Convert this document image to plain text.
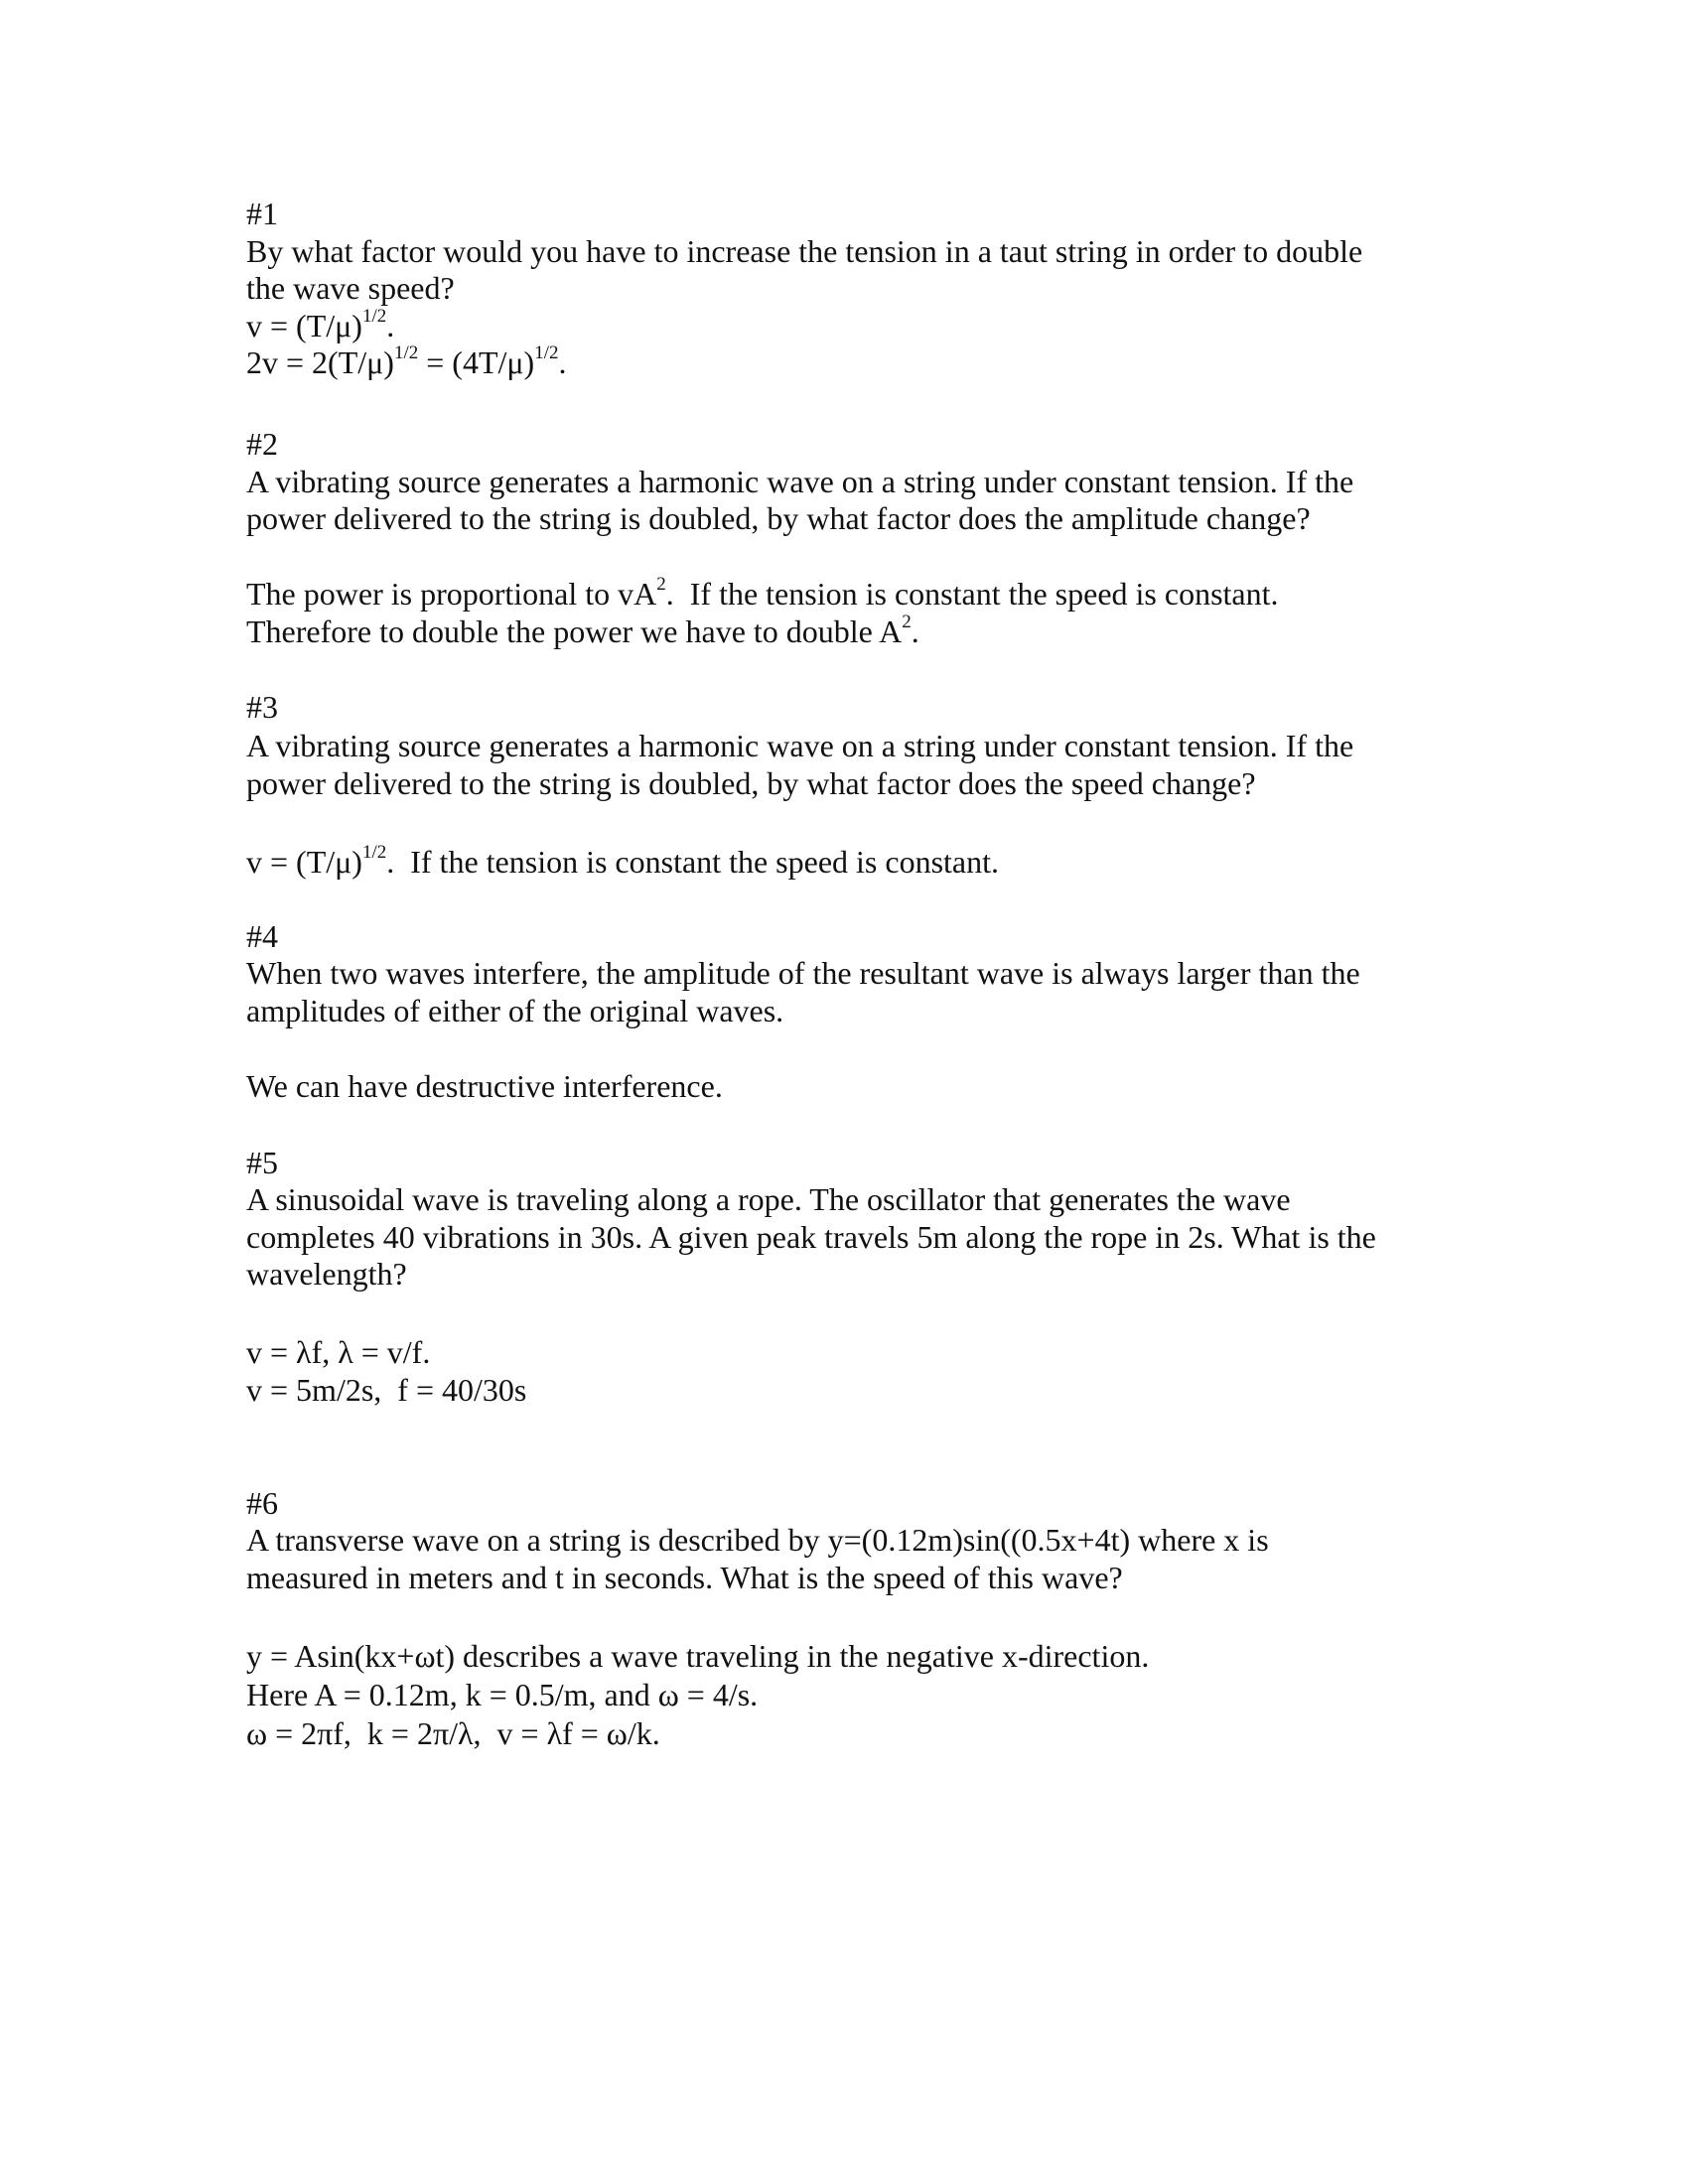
#1
By what factor would you have to increase the tension in a taut string in order to double
the wave speed?
$v = (T/\mu)^{1/2}$.
$2v = 2(T/\mu)^{1/2} = (4T/\mu)^{1/2}$.
#2
A vibrating source generates a harmonic wave on a string under constant tension. If the
power delivered to the string is doubled, by what factor does the amplitude change?
The power is proportional to $vA^2$.  If the tension is constant the speed is constant.
Therefore to double the power we have to double $A^2$.
#3
A vibrating source generates a harmonic wave on a string under constant tension. If the
power delivered to the string is doubled, by what factor does the speed change?
$v = (T/\mu)^{1/2}$.  If the tension is constant the speed is constant.
#4
When two waves interfere, the amplitude of the resultant wave is always larger than the
amplitudes of either of the original waves.
We can have destructive interference.
#5
A sinusoidal wave is traveling along a rope. The oscillator that generates the wave
completes 40 vibrations in 30s. A given peak travels 5m along the rope in 2s. What is the
wavelength?
v = λf, λ = v/f.
v = 5m/2s,  f = 40/30s
#6
A transverse wave on a string is described by y=(0.12m)sin((0.5x+4t) where x is
measured in meters and t in seconds. What is the speed of this wave?
y = Asin(kx+ωt) describes a wave traveling in the negative x-direction.
Here A = 0.12m, k = 0.5/m, and ω = 4/s.
ω = 2πf,  k = 2π/λ,  v = λf = ω/k.
